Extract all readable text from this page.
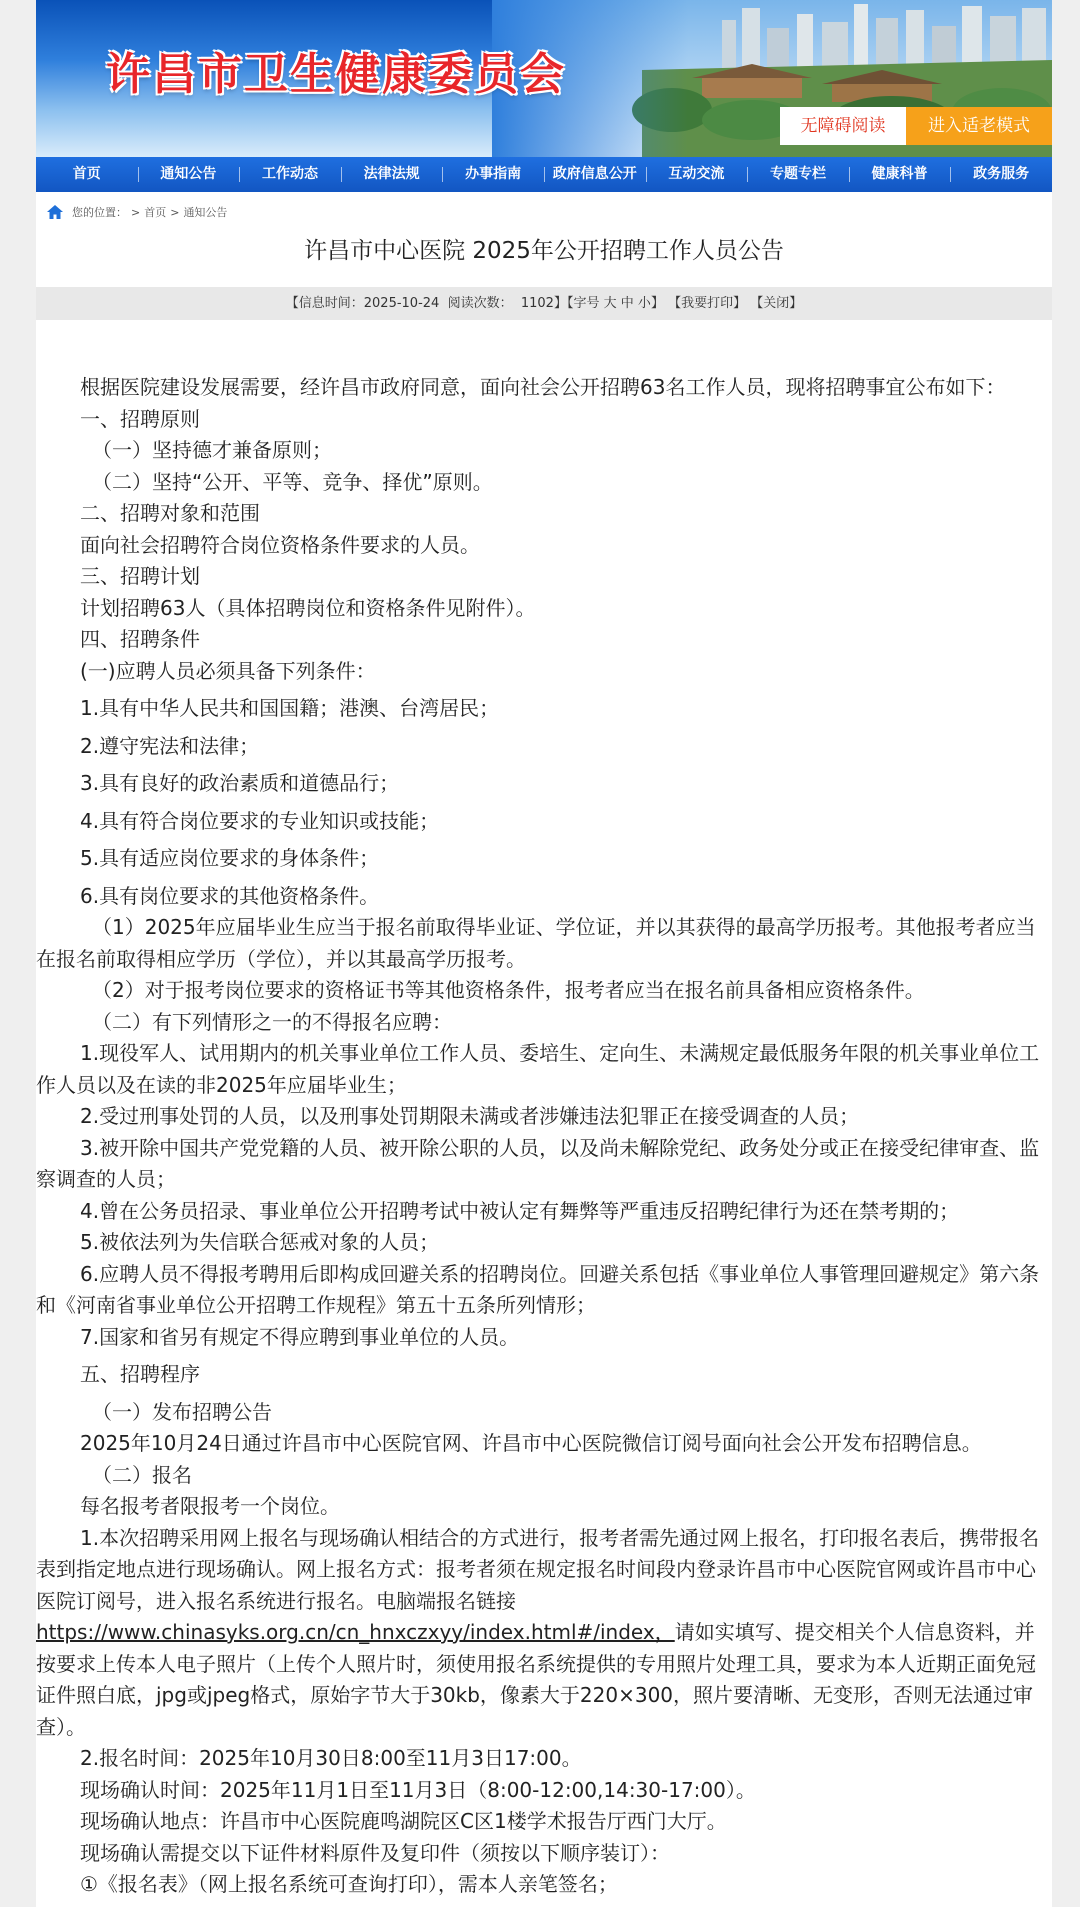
许昌市卫生健康委员会
无障碍阅读	进入适老模式
首页	通知公告	工作动态	法律法规	办事指南	政府信息公开	互动交流	专题专栏	健康科普	政务服务
您的位置： > 首页 > 通知公告
许昌市中心医院 2025年公开招聘工作人员公告
【信息时间：2025-10-24 阅读次数： 1102】【字号 大 中 小】 【我要打印】 【关闭】

根据医院建设发展需要，经许昌市政府同意，面向社会公开招聘63名工作人员，现将招聘事宜公布如下：

一、招聘原则

（一）坚持德才兼备原则；

（二）坚持“公开、平等、竞争、择优”原则。

二、招聘对象和范围

面向社会招聘符合岗位资格条件要求的人员。

三、招聘计划

计划招聘63人（具体招聘岗位和资格条件见附件）。

四、招聘条件

(一)应聘人员必须具备下列条件：

1.具有中华人民共和国国籍；港澳、台湾居民；

2.遵守宪法和法律；

3.具有良好的政治素质和道德品行；

4.具有符合岗位要求的专业知识或技能；

5.具有适应岗位要求的身体条件；

6.具有岗位要求的其他资格条件。

（1）2025年应届毕业生应当于报名前取得毕业证、学位证，并以其获得的最高学历报考。其他报考者应当在报名前取得相应学历（学位），并以其最高学历报考。

（2）对于报考岗位要求的资格证书等其他资格条件，报考者应当在报名前具备相应资格条件。

（二）有下列情形之一的不得报名应聘：

1.现役军人、试用期内的机关事业单位工作人员、委培生、定向生、未满规定最低服务年限的机关事业单位工作人员以及在读的非2025年应届毕业生；

2.受过刑事处罚的人员，以及刑事处罚期限未满或者涉嫌违法犯罪正在接受调查的人员；

3.被开除中国共产党党籍的人员、被开除公职的人员，以及尚未解除党纪、政务处分或正在接受纪律审查、监察调查的人员；

4.曾在公务员招录、事业单位公开招聘考试中被认定有舞弊等严重违反招聘纪律行为还在禁考期的；

5.被依法列为失信联合惩戒对象的人员；

6.应聘人员不得报考聘用后即构成回避关系的招聘岗位。回避关系包括《事业单位人事管理回避规定》第六条和《河南省事业单位公开招聘工作规程》第五十五条所列情形；

7.国家和省另有规定不得应聘到事业单位的人员。

五、招聘程序

（一）发布招聘公告

2025年10月24日通过许昌市中心医院官网、许昌市中心医院微信订阅号面向社会公开发布招聘信息。

（二）报名

每名报考者限报考一个岗位。

1.本次招聘采用网上报名与现场确认相结合的方式进行，报考者需先通过网上报名，打印报名表后，携带报名表到指定地点进行现场确认。网上报名方式：报考者须在规定报名时间段内登录许昌市中心医院官网或许昌市中心医院订阅号，进入报名系统进行报名。电脑端报名链接https://www.chinasyks.org.cn/cn_hnxczxyy/index.html#/index，请如实填写、提交相关个人信息资料，并按要求上传本人电子照片（上传个人照片时，须使用报名系统提供的专用照片处理工具，要求为本人近期正面免冠证件照白底，jpg或jpeg格式，原始字节大于30kb，像素大于220×300，照片要清晰、无变形，否则无法通过审查）。

2.报名时间：2025年10月30日8:00至11月3日17:00。

现场确认时间：2025年11月1日至11月3日（8:00-12:00,14:30-17:00）。

现场确认地点：许昌市中心医院鹿鸣湖院区C区1楼学术报告厅西门大厅。

现场确认需提交以下证件材料原件及复印件（须按以下顺序装订）：

①《报名表》（网上报名系统可查询打印），需本人亲笔签名；
